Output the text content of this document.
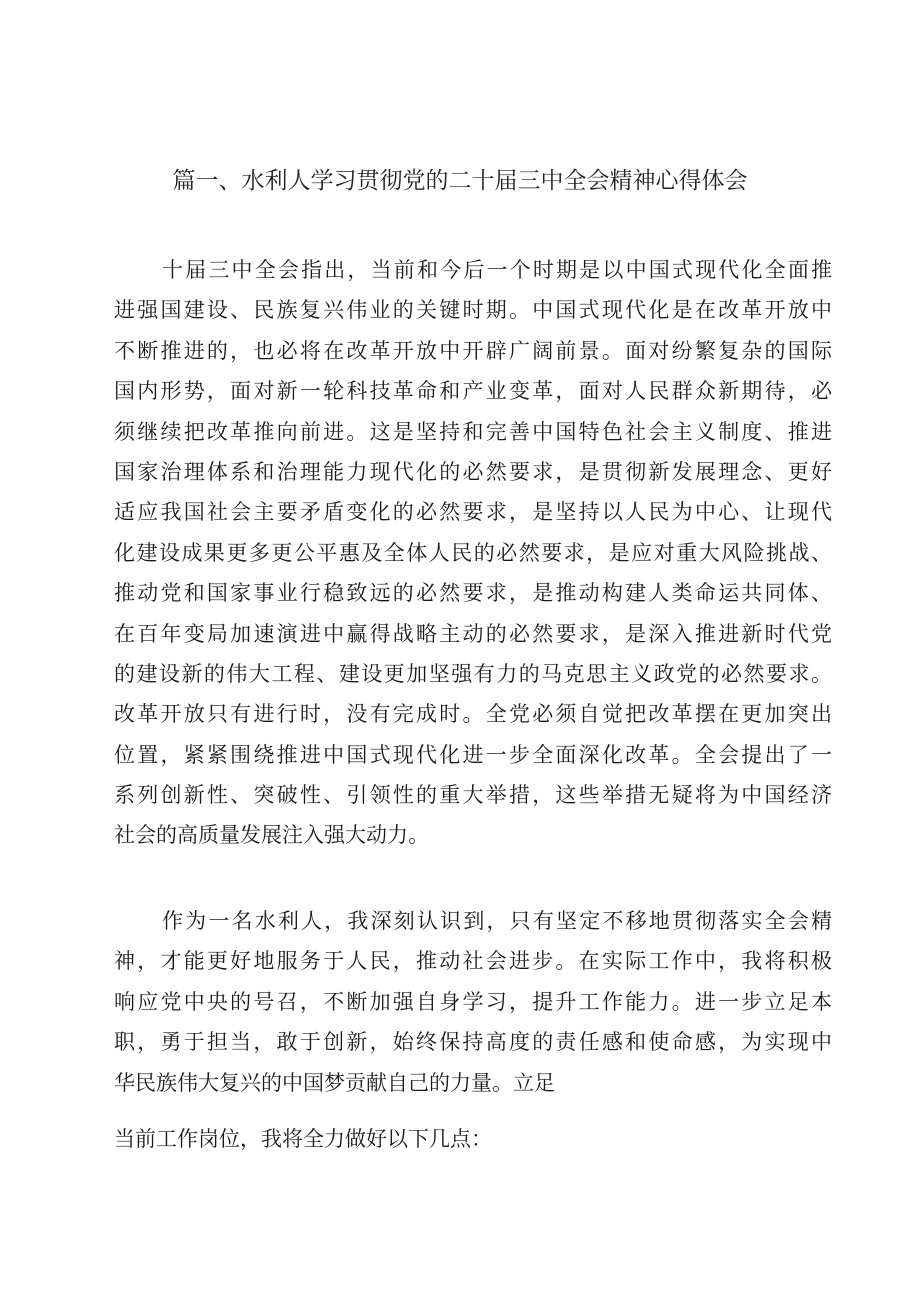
篇一、水利人学习贯彻党的二十届三中全会精神心得体会
十届三中全会指出，当前和今后一个时期是以中国式现代化全面推
进强国建设、民族复兴伟业的关键时期。中国式现代化是在改革开放中
不断推进的，也必将在改革开放中开辟广阔前景。面对纷繁复杂的国际
国内形势，面对新一轮科技革命和产业变革，面对人民群众新期待，必
须继续把改革推向前进。这是坚持和完善中国特色社会主义制度、推进
国家治理体系和治理能力现代化的必然要求，是贯彻新发展理念、更好
适应我国社会主要矛盾变化的必然要求，是坚持以人民为中心、让现代
化建设成果更多更公平惠及全体人民的必然要求，是应对重大风险挑战、
推动党和国家事业行稳致远的必然要求，是推动构建人类命运共同体、
在百年变局加速演进中赢得战略主动的必然要求，是深入推进新时代党
的建设新的伟大工程、建设更加坚强有力的马克思主义政党的必然要求。
改革开放只有进行时，没有完成时。全党必须自觉把改革摆在更加突出
位置，紧紧围绕推进中国式现代化进一步全面深化改革。全会提出了一
系列创新性、突破性、引领性的重大举措，这些举措无疑将为中国经济
社会的高质量发展注入强大动力。
作为一名水利人，我深刻认识到，只有坚定不移地贯彻落实全会精
神，才能更好地服务于人民，推动社会进步。在实际工作中，我将积极
响应党中央的号召，不断加强自身学习，提升工作能力。进一步立足本
职，勇于担当，敢于创新，始终保持高度的责任感和使命感，为实现中
华民族伟大复兴的中国梦贡献自己的力量。立足
当前工作岗位，我将全力做好以下几点：
